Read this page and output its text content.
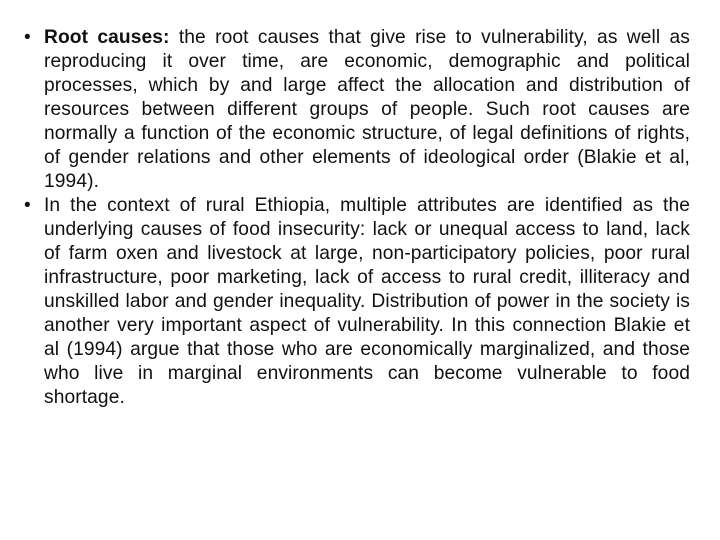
•
Root causes: the root causes that give rise to vulnerability, as well as reproducing it over time, are economic, demographic and political processes, which by and large affect the allocation and distribution of resources between different groups of people. Such root causes are normally a function of the economic structure, of legal definitions of rights, of gender relations and other elements of ideological order (Blakie et al, 1994).
•
In the context of rural Ethiopia, multiple attributes are identified as the underlying causes of food insecurity: lack or unequal access to land, lack of farm oxen and livestock at large, non-participatory policies, poor rural infrastructure, poor marketing, lack of access to rural credit, illiteracy and unskilled labor and gender inequality. Distribution of power in the society is another very important aspect of vulnerability. In this connection Blakie et al (1994) argue that those who are economically marginalized, and those who live in marginal environments can become vulnerable to food shortage.
